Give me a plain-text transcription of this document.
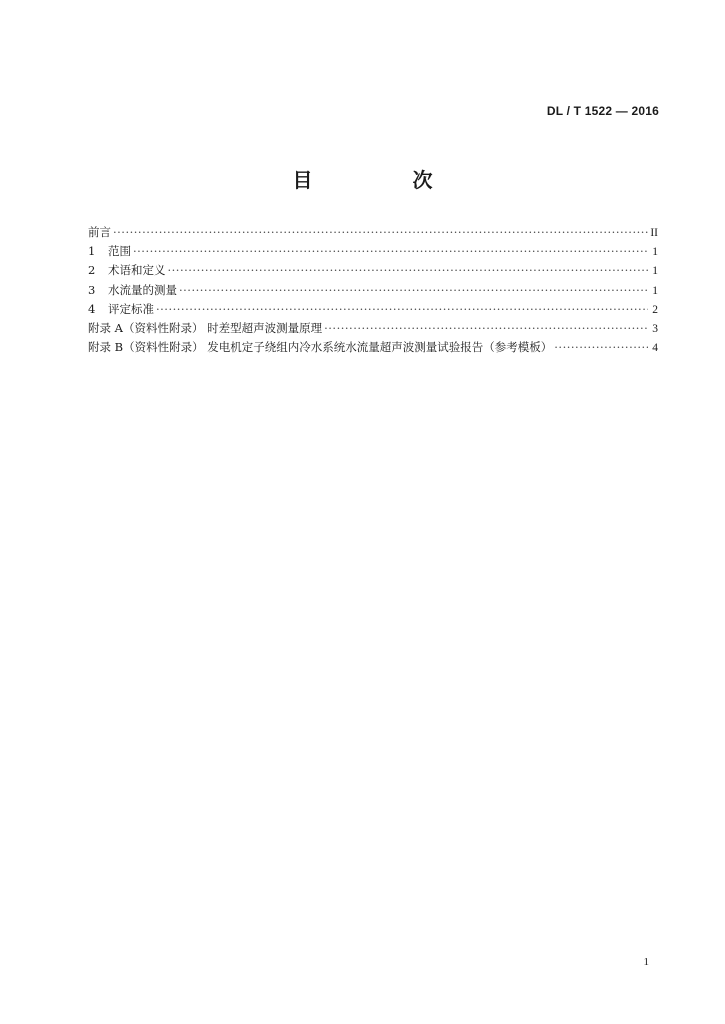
DL / T 1522 — 2016
目　次
前言 ·····	II
1 范围 ·····	1
2 术语和定义 ·····	1
3 水流量的测量 ·····	1
4 评定标准 ·····	2
附录 A（资料性附录） 时差型超声波测量原理 ·····	3
附录 B（资料性附录） 发电机定子绕组内冷水系统水流量超声波测量试验报告（参考模板） ·····	4
1
